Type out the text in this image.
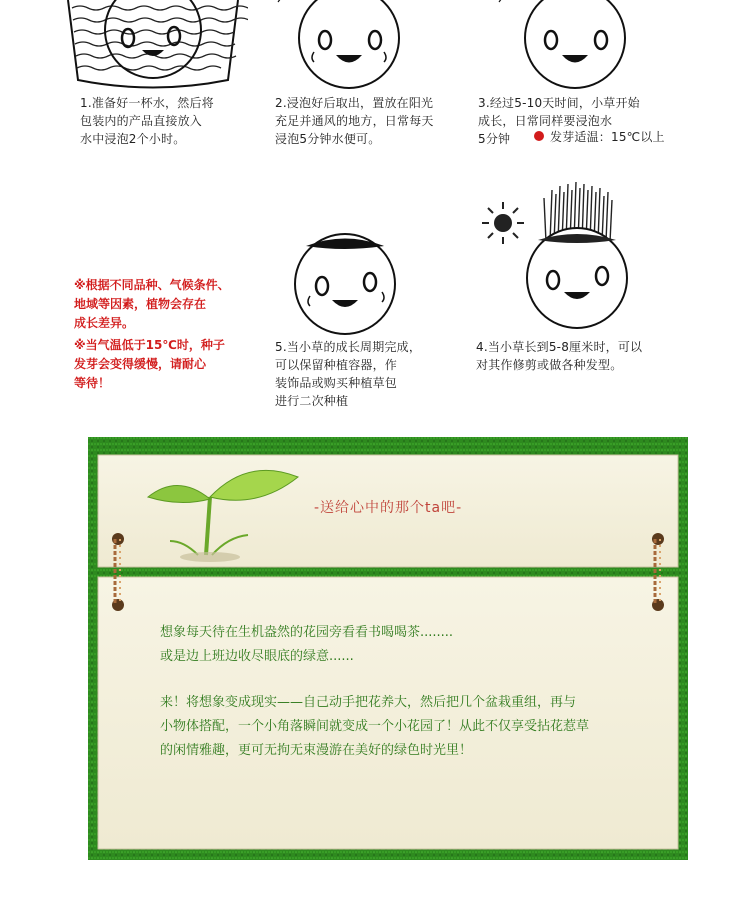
1.准备好一杯水，然后将
包装内的产品直接放入
水中浸泡2个小时。
2.浸泡好后取出，置放在阳光
充足并通风的地方，日常每天
浸泡5分钟水便可。
3.经过5-10天时间，小草开始
成长，日常同样要浸泡水
5分钟	发芽适温：15℃以上
※根据不同品种、气候条件、
地域等因素，植物会存在
成长差异。
※当气温低于15℃时，种子
发芽会变得缓慢，请耐心
等待！
5.当小草的成长周期完成，
可以保留种植容器，作
装饰品或购买种植草包
进行二次种植
4.当小草长到5-8厘米时，可以
对其作修剪或做各种发型。
-送给心中的那个ta吧-
想象每天待在生机盎然的花园旁看看书喝喝茶........
或是边上班边收尽眼底的绿意......
来！将想象变成现实——自己动手把花养大，然后把几个盆栽重组，再与
小物体搭配，一个小角落瞬间就变成一个小花园了！从此不仅享受拈花惹草
的闲情雅趣，更可无拘无束漫游在美好的绿色时光里！
